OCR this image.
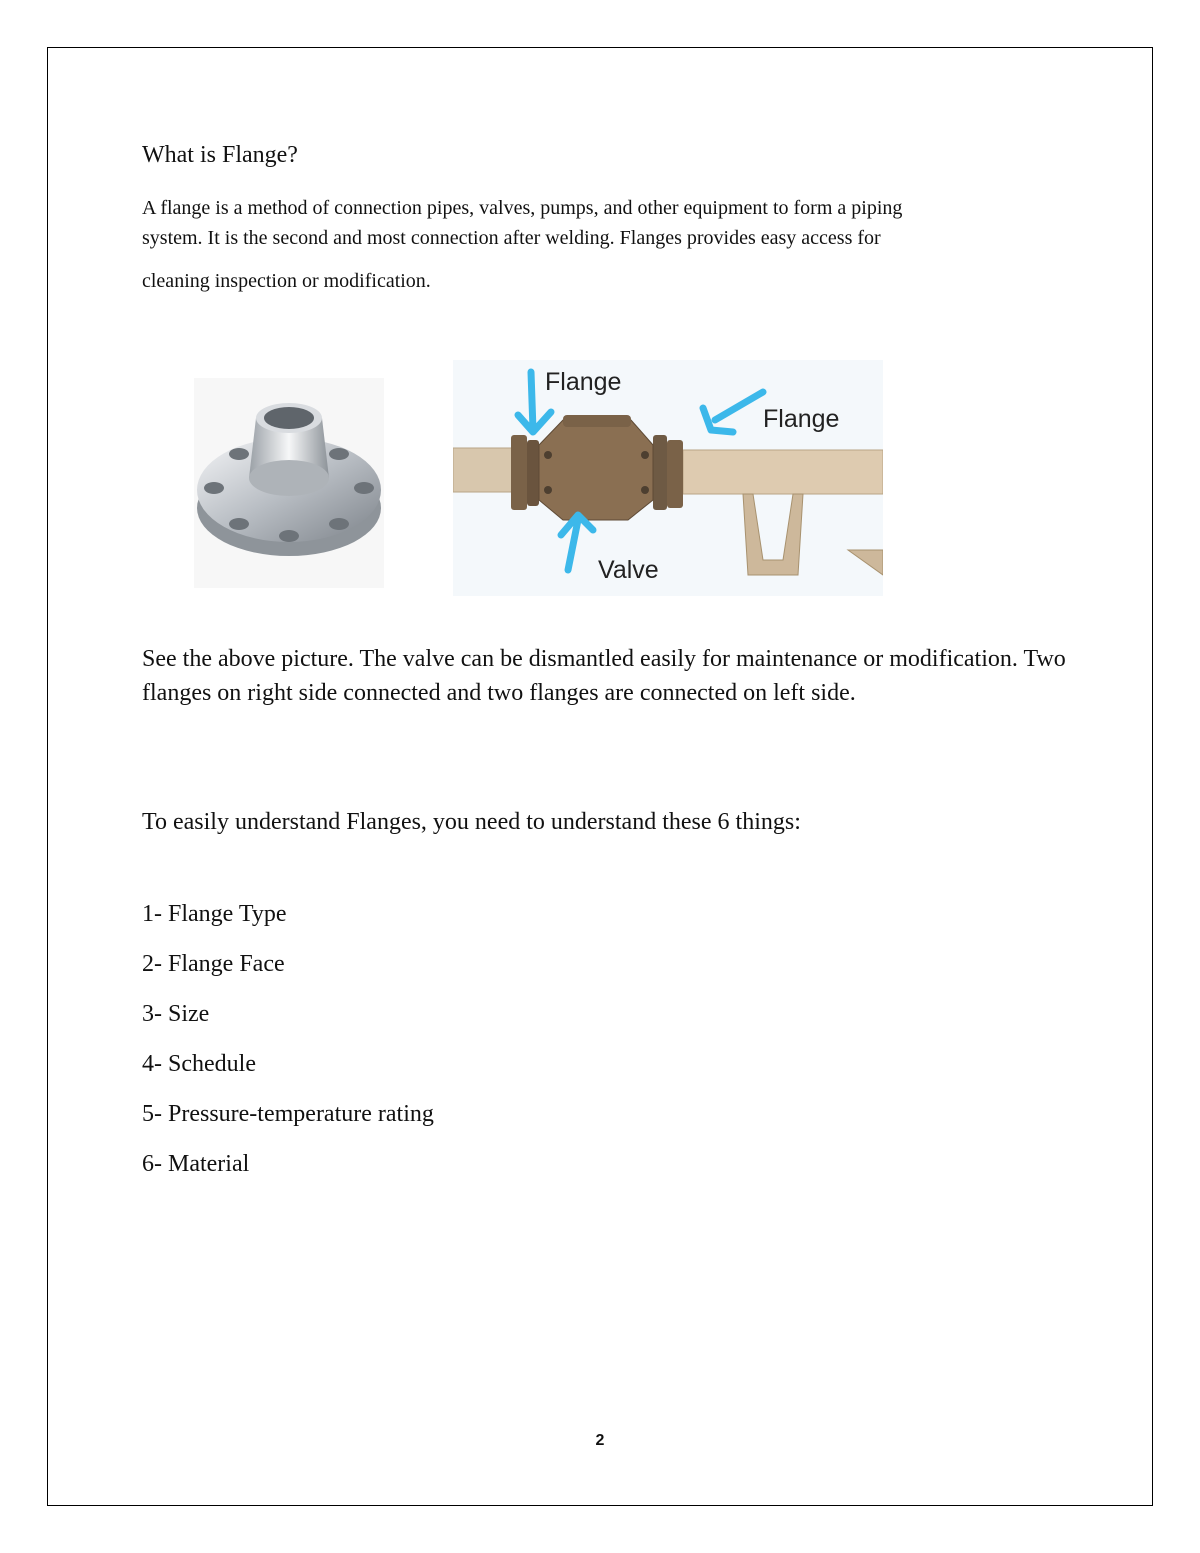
What is Flange?

A flange is a method of connection pipes, valves, pumps, and other equipment to form a piping
system. It is the second and most connection after welding. Flanges provides easy access for
cleaning inspection or modification.

Flange
Flange
Valve

See the above picture. The valve can be dismantled easily for maintenance or modification. Two flanges on right side connected and two flanges are connected on left side.

To easily understand Flanges, you need to understand these 6 things:

1- Flange Type
2- Flange Face
3- Size
4- Schedule
5- Pressure-temperature rating
6- Material
2
